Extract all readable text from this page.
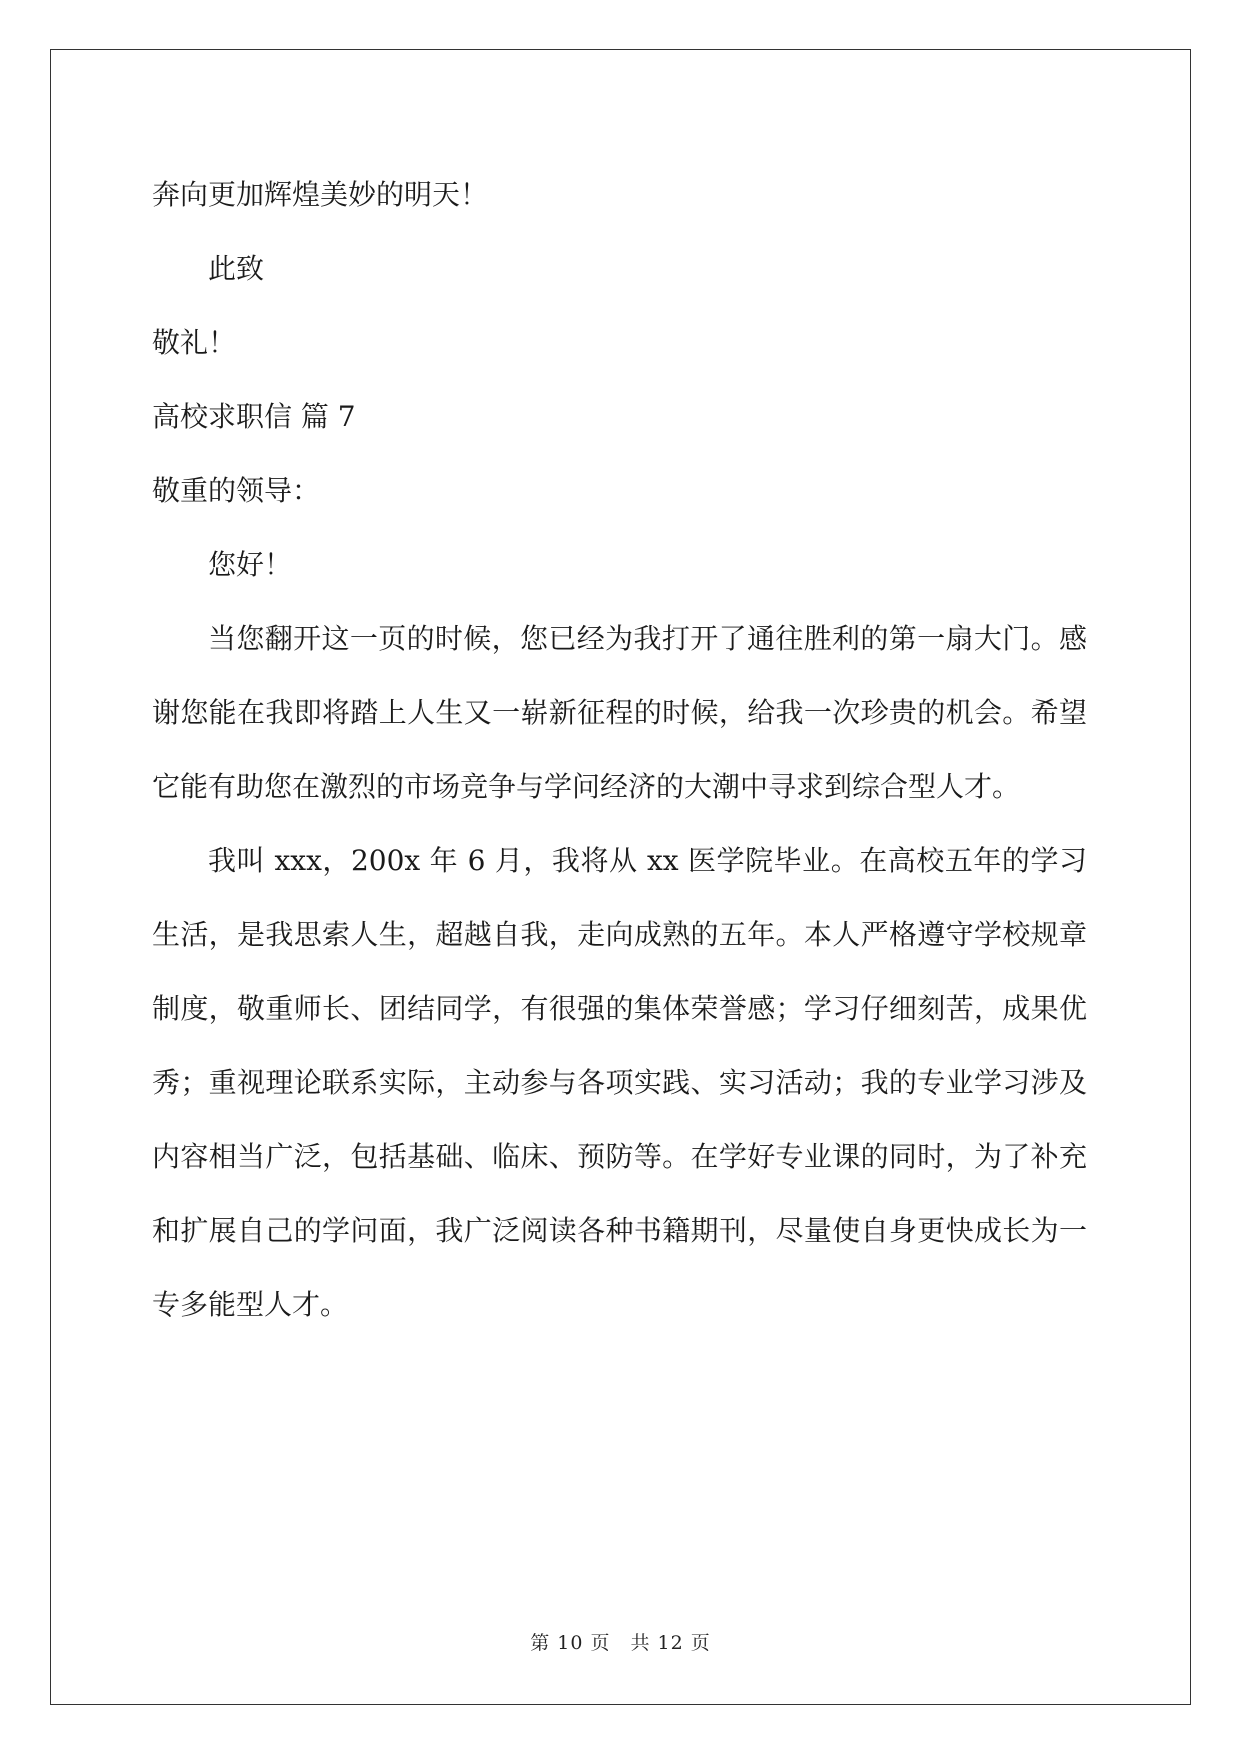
奔向更加辉煌美妙的明天！

此致

敬礼！

高校求职信 篇 7

敬重的领导：

您好！

当您翻开这一页的时候，您已经为我打开了通往胜利的第一扇大门。感谢您能在我即将踏上人生又一崭新征程的时候，给我一次珍贵的机会。希望它能有助您在激烈的市场竞争与学问经济的大潮中寻求到综合型人才。

我叫 xxx，200x 年 6 月，我将从 xx 医学院毕业。在高校五年的学习生活，是我思索人生，超越自我，走向成熟的五年。本人严格遵守学校规章制度，敬重师长、团结同学，有很强的集体荣誉感；学习仔细刻苦，成果优秀；重视理论联系实际，主动参与各项实践、实习活动；我的专业学习涉及内容相当广泛，包括基础、临床、预防等。在学好专业课的同时，为了补充和扩展自己的学问面，我广泛阅读各种书籍期刊，尽量使自身更快成长为一专多能型人才。

第 10 页 共 12 页
